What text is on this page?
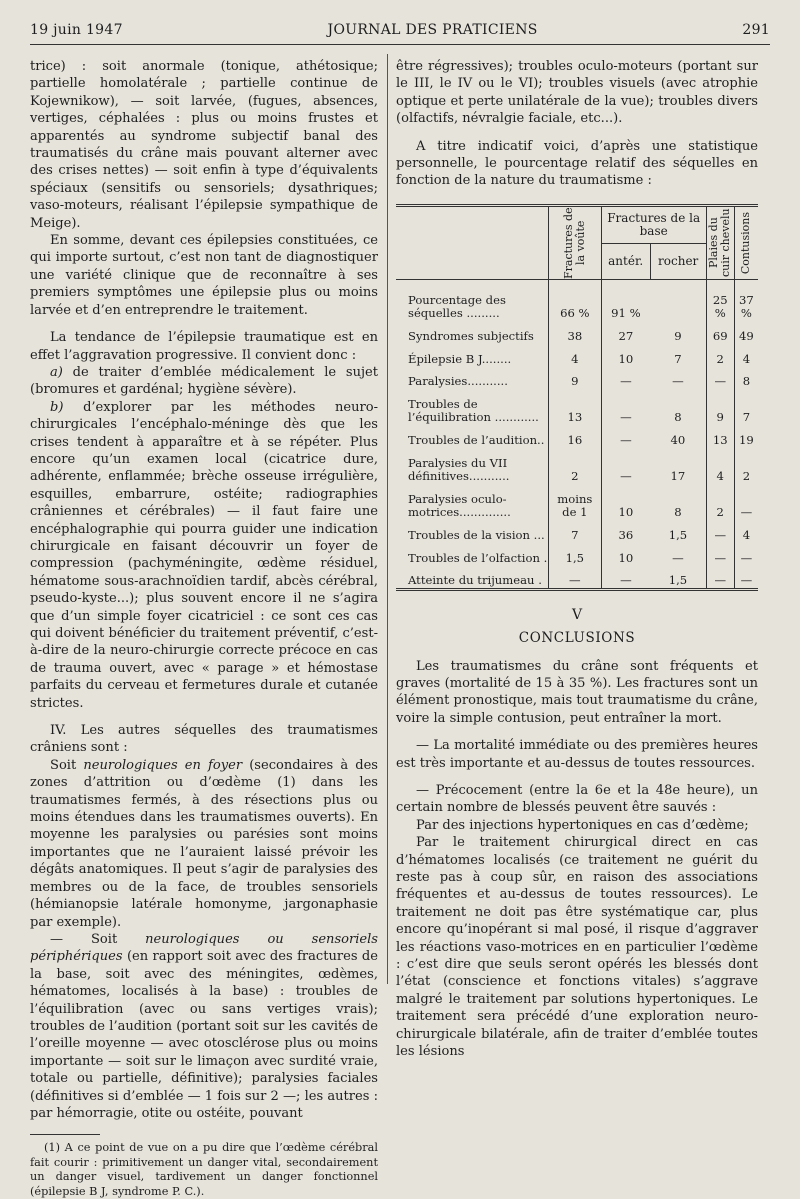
19 juin 1947	JOURNAL DES PRATICIENS	291

trice) : soit anormale (tonique, athétosique; partielle homolatérale ; partielle continue de Kojewnikow), — soit larvée, (fugues, absences, vertiges, céphalées : plus ou moins frustes et apparentés au syndrome subjectif banal des traumatisés du crâne mais pouvant alterner avec des crises nettes) — soit enfin à type d’équivalents spéciaux (sensitifs ou sensoriels; dysathriques; vaso-moteurs, réalisant l’épilepsie sympathique de Meige).

En somme, devant ces épilepsies constituées, ce qui importe surtout, c’est non tant de diagnostiquer une variété clinique que de reconnaître à ses premiers symptômes une épilepsie plus ou moins larvée et d’en entreprendre le traitement.

La tendance de l’épilepsie traumatique est en effet l’aggravation progressive. Il convient donc :

a) de traiter d’emblée médicalement le sujet (bromures et gardénal; hygiène sévère).

b) d’explorer par les méthodes neuro-chirurgicales l’encéphalo-méninge dès que les crises tendent à apparaître et à se répéter. Plus encore qu’un examen local (cicatrice dure, adhérente, enflammée; brèche osseuse irrégulière, esquilles, embarrure, ostéite; radiographies crâniennes et cérébrales) — il faut faire une encéphalographie qui pourra guider une indication chirurgicale en faisant découvrir un foyer de compression (pachyméningite, œdème résiduel, hématome sous-arachnoïdien tardif, abcès cérébral, pseudo-kyste...); plus souvent encore il ne s’agira que d’un simple foyer cicatriciel : ce sont ces cas qui doivent bénéficier du traitement préventif, c’est-à-dire de la neuro-chirurgie correcte précoce en cas de trauma ouvert, avec « parage » et hémostase parfaits du cerveau et fermetures durale et cutanée strictes.

IV. Les autres séquelles des traumatismes crâniens sont :

Soit neurologiques en foyer (secondaires à des zones d’attrition ou d’œdème (1) dans les traumatismes fermés, à des résections plus ou moins étendues dans les traumatismes ouverts). En moyenne les paralysies ou parésies sont moins importantes que ne l’auraient laissé prévoir les dégâts anatomiques. Il peut s’agir de paralysies des membres ou de la face, de troubles sensoriels (hémianopsie latérale homonyme, jargonaphasie par exemple).

— Soit neurologiques ou sensoriels périphériques (en rapport soit avec des fractures de la base, soit avec des méningites, œdèmes, hématomes, localisés à la base) : troubles de l’équilibration (avec ou sans vertiges vrais); troubles de l’audition (portant soit sur les cavités de l’oreille moyenne — avec otosclérose plus ou moins importante — soit sur le limaçon avec surdité vraie, totale ou partielle, définitive); paralysies faciales (définitives si d’emblée — 1 fois sur 2 —; les autres : par hémorragie, otite ou ostéite, pouvant

(1) A ce point de vue on a pu dire que l’œdème cérébral fait courir : primitivement un danger vital, secondairement un danger visuel, tardivement un danger fonctionnel (épilepsie B J, syndrome P. C.).

être régressives); troubles oculo-moteurs (portant sur le III, le IV ou le VI); troubles visuels (avec atrophie optique et perte unilatérale de la vue); troubles divers (olfactifs, névralgie faciale, etc...).

A titre indicatif voici, d’après une statistique personnelle, le pourcentage relatif des séquelles en fonction de la nature du traumatisme :

	Fractures de la voûte	Fractures de la base		Plaies du cuir chevelu	Contusions

		antér.	rocher		
Pourcentage des séquelles .........	66 %	91 %		25 %	37 %
Syndromes subjectifs	38	27	9	69	49
Épilepsie B J........	4	10	7	2	4
Paralysies...........	9	—	—	—	8
Troubles de l’équilibration ............	13	—	8	9	7
Troubles de l’audition..	16	—	40	13	19
Paralysies du VII définitives...........	2	—	17	4	2
Paralysies oculo-motrices..............	moins de 1	10	8	2	—
Troubles de la vision ...	7	36	1,5	—	4
Troubles de l’olfaction .	1,5	10	—	—	—
Atteinte du trijumeau .	—	—	1,5	—	—
V
CONCLUSIONS

Les traumatismes du crâne sont fréquents et graves (mortalité de 15 à 35 %). Les fractures sont un élément pronostique, mais tout traumatisme du crâne, voire la simple contusion, peut entraîner la mort.

— La mortalité immédiate ou des premières heures est très importante et au-dessus de toutes ressources.

— Précocement (entre la 6e et la 48e heure), un certain nombre de blessés peuvent être sauvés :

Par des injections hypertoniques en cas d’œdème;

Par le traitement chirurgical direct en cas d’hématomes localisés (ce traitement ne guérit du reste pas à coup sûr, en raison des associations fréquentes et au-dessus de toutes ressources). Le traitement ne doit pas être systématique car, plus encore qu’inopérant si mal posé, il risque d’aggraver les réactions vaso-motrices en en particulier l’œdème : c’est dire que seuls seront opérés les blessés dont l’état (conscience et fonctions vitales) s’aggrave malgré le traitement par solutions hypertoniques. Le traitement sera précédé d’une exploration neuro-chirurgicale bilatérale, afin de traiter d’emblée toutes les lésions
